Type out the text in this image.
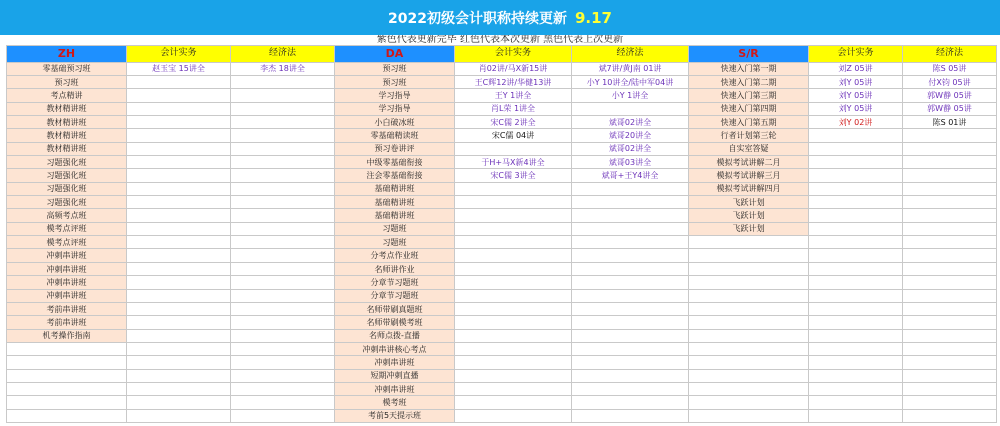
2022初级会计职称持续更新 9.17
紫色代表更新完毕 红色代表本次更新 黑色代表上次更新
ZH	会计实务	经济法	DA	会计实务	经济法	S/R	会计实务	经济法
零基础预习班	赵玉宝 15讲全	李杰 18讲全	预习班	肖02讲/马X新15讲	斌7讲/黄J南 01讲	快速入门第一期	刘Z 05讲	陈S 05讲
预习班			预习班	王C辉12讲/华健13讲	小Y 10讲全/陆中军04讲	快速入门第二期	刘Y 05讲	付X钧 05讲
考点精讲			学习指导	王Y 1讲全	小Y 1讲全	快速入门第三期	刘Y 05讲	郭W静 05讲
教材精讲班			学习指导	肖L荣 1讲全		快速入门第四期	刘Y 05讲	郭W静 05讲
教材精讲班			小白破冰班	宋C儒 2讲全	斌哥02讲全	快速入门第五期	刘Y 02讲	陈S 01讲
教材精讲班			零基础精读班	宋C儒 04讲	斌哥20讲全	行者计划第三轮		
教材精讲班			预习卷讲评		斌哥02讲全	自实室答疑		
习题强化班			中级零基础衔接	于H+马X新4讲全	斌哥03讲全	模拟考试讲解二月		
习题强化班			注会零基础衔接	宋C儒 3讲全	斌哥+王Y4讲全	模拟考试讲解三月		
习题强化班			基础精讲班			模拟考试讲解四月		
习题强化班			基础精讲班			飞跃计划		
高频考点班			基础精讲班			飞跃计划		
模考点评班			习题班			飞跃计划		
模考点评班			习题班					
冲刺串讲班			分考点作业班					
冲刺串讲班			名师讲作业					
冲刺串讲班			分章节习题班					
冲刺串讲班			分章节习题班					
考前串讲班			名师带刷真题班					
考前串讲班			名师带刷模考班					
机考操作指南			名师点拨-直播					
			冲刺串讲核心考点					
			冲刺串讲班					
			短期冲刺直播					
			冲刺串讲班					
			模考班					
			考前5天提示班					
